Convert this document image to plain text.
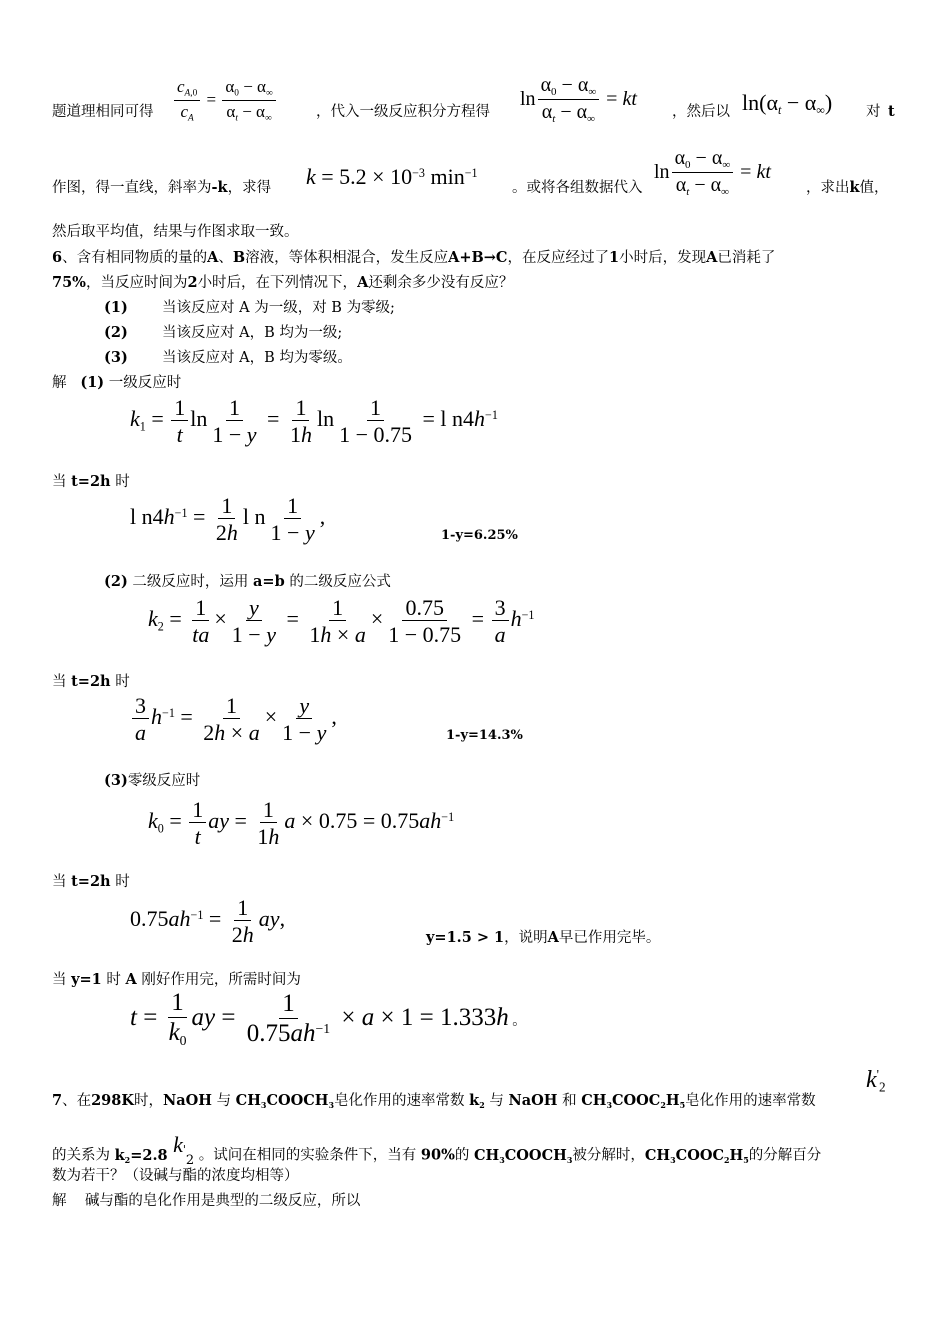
题道理相同可得 $\frac{c_{A,0}}{c_A} = \frac{\alpha_0 - \alpha_\infty}{\alpha_t - \alpha_\infty}$	，代入一级反应积分方程得
$\ln \frac{\alpha_0 - \alpha_\infty}{\alpha_t - \alpha_\infty}$ = kt
，然后以 $\ln(\alpha_t - \alpha_\infty)$ 对 t
作图，得一直线，斜率为-k，求得 $k = 5.2 \times 10^{-3}$ $\min^{-1}$
。或将各组数据代入
$\ln \frac{\alpha_0 - \alpha_\infty}{\alpha_t - \alpha_\infty}$ = kt
，求出k值，
然后取平均值，结果与作图求取一致。
6、含有相同物质的量的A、B溶液，等体积相混合，发生反应A+B→C，在反应经过了1小时后，发现A已消耗了
75%，当反应时间为2小时后，在下列情况下，A还剩余多少没有反应？
(1) 当该反应对 A 为一级，对 B 为零级;
(2) 当该反应对 A，B 均为一级;
(3) 当该反应对 A，B 均为零级。
解 (1) 一级反应时
$k_1 = \frac{1}{t}$ $\ln \frac{1}{1 - y} = \frac{1}{1h}$ $\ln \frac{1}{1 - 0.75} = l$ $n4h^{-1}$
当 t=2h 时
l $n4h^{-1} = \frac{1}{2h}$ l n $\frac{1}{1 - y}$ ,
1-y=6.25%
(2) 二级反应时，运用 a=b 的二级反应公式
$k_2 = \frac{1}{ta} \times \frac{y}{1 - y} = \frac{1}{1h \times a} \times \frac{0.75}{1 - 0.75} = \frac{3}{a} h^{-1}$
当 t=2h 时
$\frac{3}{a} h^{-1} = \frac{1}{2h \times a} \times \frac{y}{1 - y}$ ,
1-y=14.3%
(3)零级反应时
$k_0 = \frac{1}{t}$ ay = $\frac{1}{1h}$ $a \times 0.75 = 0.75ah^{-1}$
当 t=2h 时
$0.75ah^{-1} = \frac{1}{2h}$ ay,
y=1.5 > 1，说明A早已作用完毕。
当 y=1 时 A 刚好作用完，所需时间为
$t = \frac{1}{k_0}$ ay = $\frac{1}{0.75ah^{-1}} \times a \times 1 = 1.333h$ 。
7、在298K时，NaOH 与 $CH_3COOCH_3$皂化作用的速率常数 $k_2$ 与 NaOH 和 $CH_3COOC_2H_5$皂化作用的速率常数
$k'_2$
的关系为 $k_2=2.8$ $k'_2$ 。试问在相同的实验条件下，当有 90%的 $CH_3COOCH_3$被分解时，$CH_3COOC_2H_5$的分解百分
数为若干？（设碱与酯的浓度均相等）
解 碱与酯的皂化作用是典型的二级反应，所以
